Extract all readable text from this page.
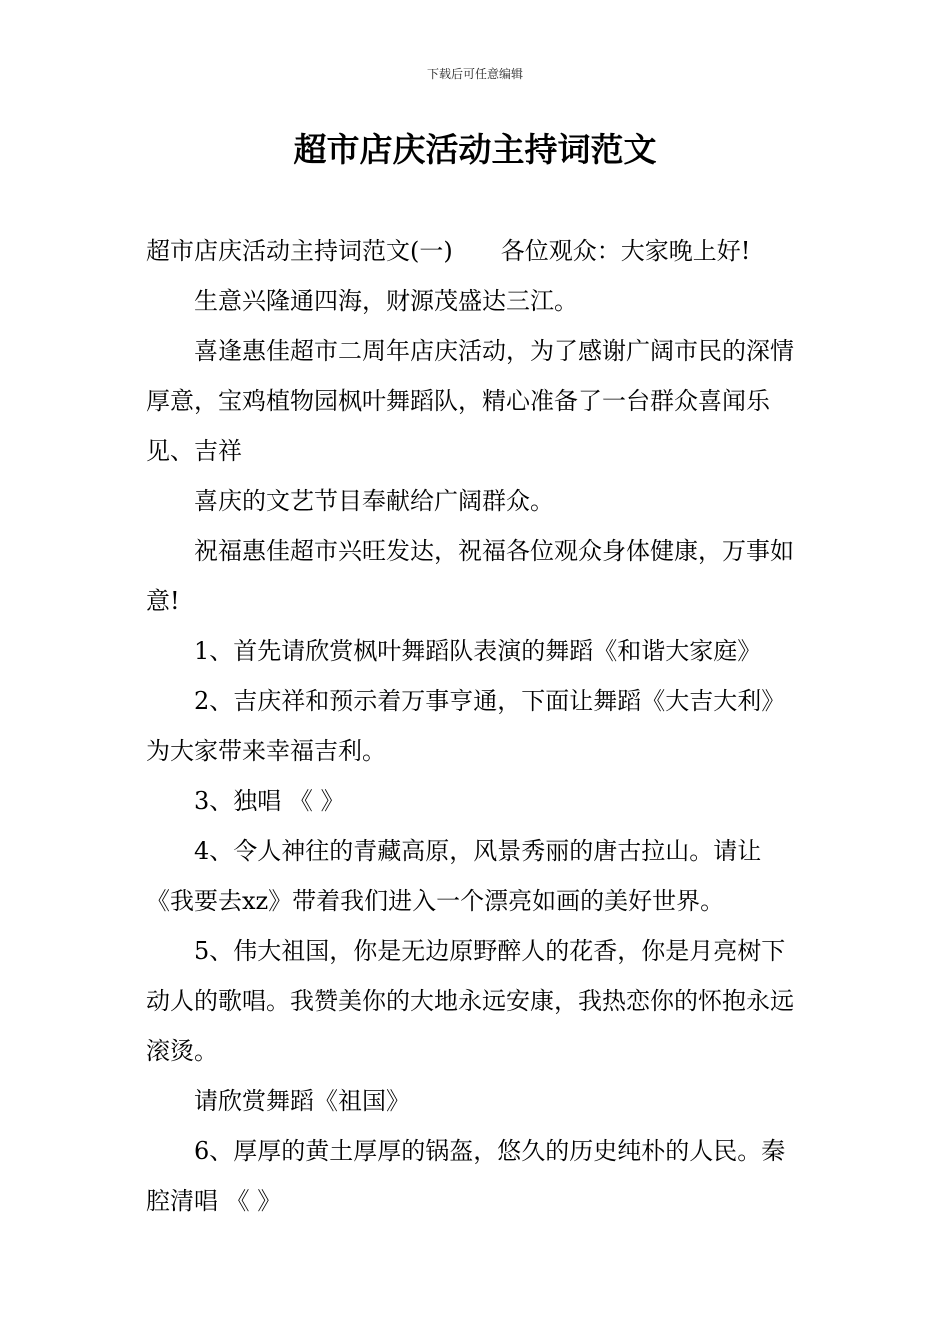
下载后可任意编辑
超市店庆活动主持词范文

超市店庆活动主持词范文(一) 各位观众：大家晚上好!

生意兴隆通四海，财源茂盛达三江。

喜逢惠佳超市二周年店庆活动，为了感谢广阔市民的深情厚意，宝鸡植物园枫叶舞蹈队，精心准备了一台群众喜闻乐见、吉祥

喜庆的文艺节目奉献给广阔群众。

祝福惠佳超市兴旺发达，祝福各位观众身体健康，万事如意!

1、首先请欣赏枫叶舞蹈队表演的舞蹈《和谐大家庭》

2、吉庆祥和预示着万事亨通，下面让舞蹈《大吉大利》为大家带来幸福吉利。

3、独唱 《 》

4、令人神往的青藏高原，风景秀丽的唐古拉山。请让《我要去xz》带着我们进入一个漂亮如画的美好世界。

5、伟大祖国，你是无边原野醉人的花香，你是月亮树下动人的歌唱。我赞美你的大地永远安康，我热恋你的怀抱永远滚烫。

请欣赏舞蹈《祖国》

6、厚厚的黄土厚厚的锅盔，悠久的历史纯朴的人民。秦腔清唱 《 》
